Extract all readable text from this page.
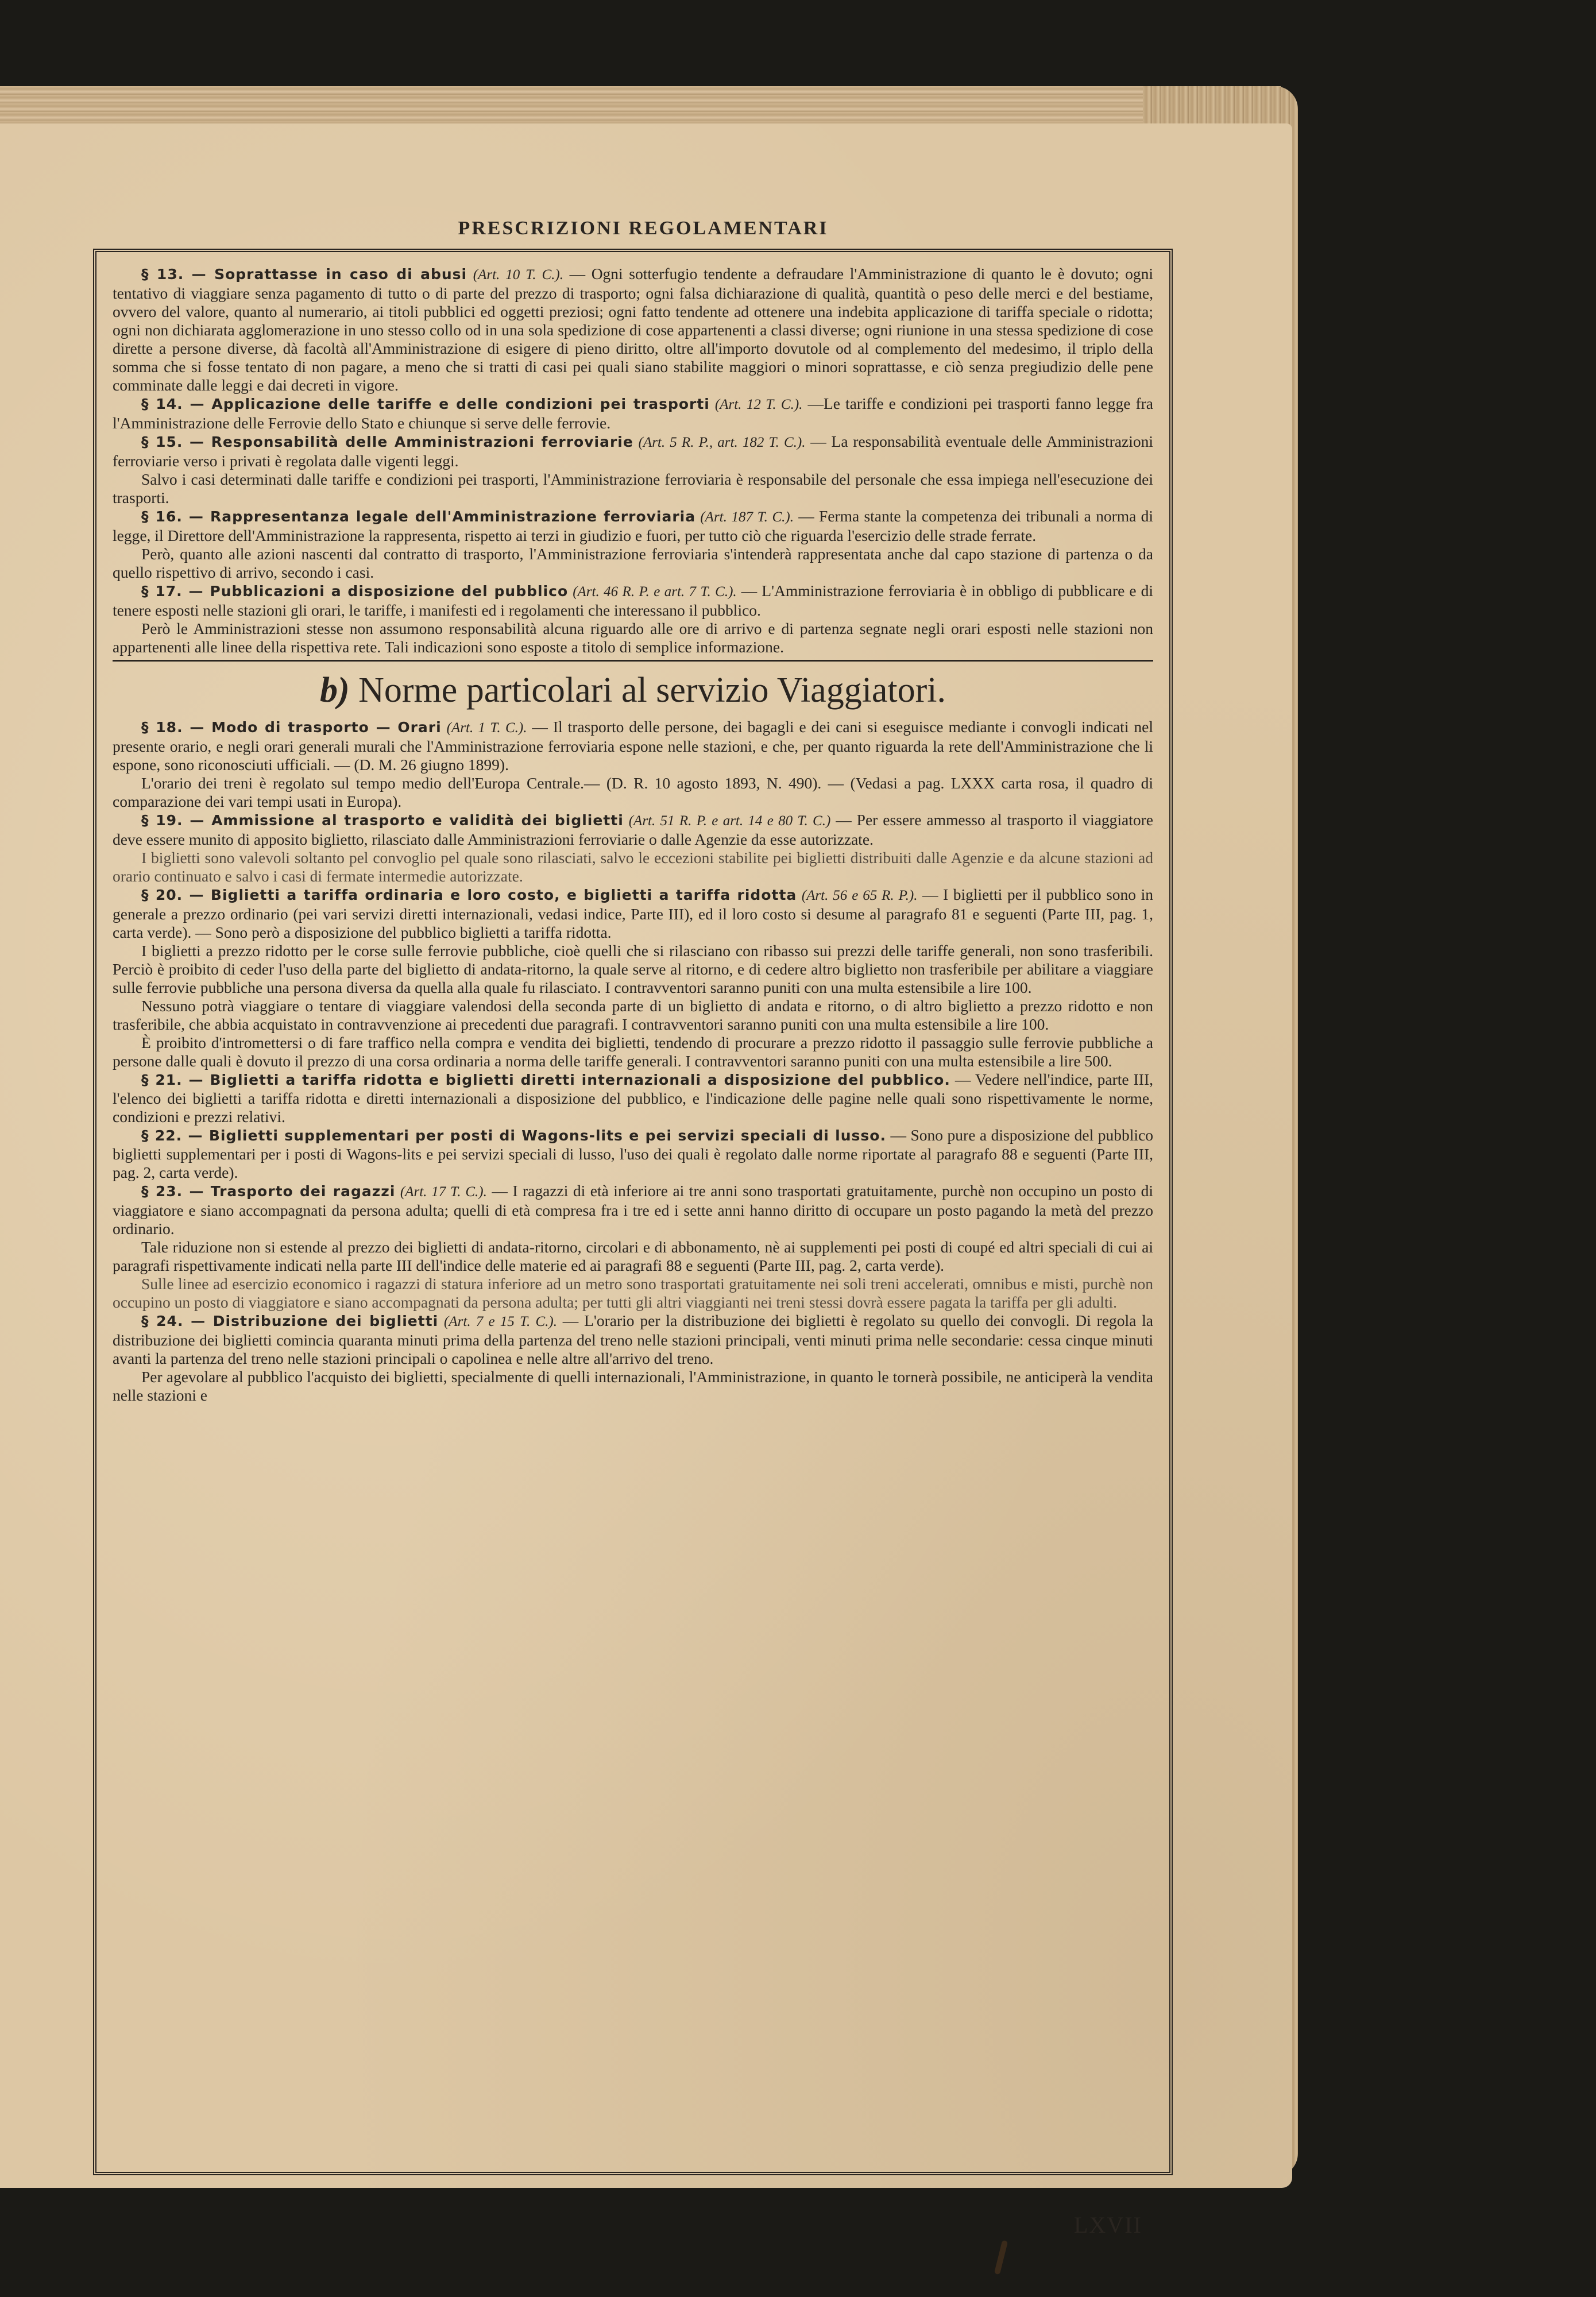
PRESCRIZIONI REGOLAMENTARI

§ 13. — Soprattasse in caso di abusi (Art. 10 T. C.). — Ogni sotterfugio tendente a defraudare l'Amministrazione di quanto le è dovuto; ogni tentativo di viaggiare senza pagamento di tutto o di parte del prezzo di trasporto; ogni falsa dichiarazione di qualità, quantità o peso delle merci e del bestiame, ovvero del valore, quanto al numerario, ai titoli pubblici ed oggetti preziosi; ogni fatto tendente ad ottenere una indebita applicazione di tariffa speciale o ridotta; ogni non dichiarata agglomerazione in uno stesso collo od in una sola spedizione di cose appartenenti a classi diverse; ogni riunione in una stessa spedizione di cose dirette a persone diverse, dà facoltà all'Amministrazione di esigere di pieno diritto, oltre all'importo dovutole od al complemento del medesimo, il triplo della somma che si fosse tentato di non pagare, a meno che si tratti di casi pei quali siano stabilite maggiori o minori soprattasse, e ciò senza pregiudizio delle pene comminate dalle leggi e dai decreti in vigore.

§ 14. — Applicazione delle tariffe e delle condizioni pei trasporti (Art. 12 T. C.). —Le tariffe e condizioni pei trasporti fanno legge fra l'Amministrazione delle Ferrovie dello Stato e chiunque si serve delle ferrovie.

§ 15. — Responsabilità delle Amministrazioni ferroviarie (Art. 5 R. P., art. 182 T. C.). — La responsabilità eventuale delle Amministrazioni ferroviarie verso i privati è regolata dalle vigenti leggi.

Salvo i casi determinati dalle tariffe e condizioni pei trasporti, l'Amministrazione ferroviaria è responsabile del personale che essa impiega nell'esecuzione dei trasporti.

§ 16. — Rappresentanza legale dell'Amministrazione ferroviaria (Art. 187 T. C.). — Ferma stante la competenza dei tribunali a norma di legge, il Direttore dell'Amministrazione la rappresenta, rispetto ai terzi in giudizio e fuori, per tutto ciò che riguarda l'esercizio delle strade ferrate.

Però, quanto alle azioni nascenti dal contratto di trasporto, l'Amministrazione ferroviaria s'intenderà rappresentata anche dal capo stazione di partenza o da quello rispettivo di arrivo, secondo i casi.

§ 17. — Pubblicazioni a disposizione del pubblico (Art. 46 R. P. e art. 7 T. C.). — L'Amministrazione ferroviaria è in obbligo di pubblicare e di tenere esposti nelle stazioni gli orari, le tariffe, i manifesti ed i regolamenti che interessano il pubblico.

Però le Amministrazioni stesse non assumono responsabilità alcuna riguardo alle ore di arrivo e di partenza segnate negli orari esposti nelle stazioni non appartenenti alle linee della rispettiva rete. Tali indicazioni sono esposte a titolo di semplice informazione.

b) Norme particolari al servizio Viaggiatori.

§ 18. — Modo di trasporto — Orari (Art. 1 T. C.). — Il trasporto delle persone, dei bagagli e dei cani si eseguisce mediante i convogli indicati nel presente orario, e negli orari generali murali che l'Amministrazione ferroviaria espone nelle stazioni, e che, per quanto riguarda la rete dell'Amministrazione che li espone, sono riconosciuti ufficiali. — (D. M. 26 giugno 1899).

L'orario dei treni è regolato sul tempo medio dell'Europa Centrale.— (D. R. 10 agosto 1893, N. 490). — (Vedasi a pag. LXXX carta rosa, il quadro di comparazione dei vari tempi usati in Europa).

§ 19. — Ammissione al trasporto e validità dei biglietti (Art. 51 R. P. e art. 14 e 80 T. C.) — Per essere ammesso al trasporto il viaggiatore deve essere munito di apposito biglietto, rilasciato dalle Amministrazioni ferroviarie o dalle Agenzie da esse autorizzate.

I biglietti sono valevoli soltanto pel convoglio pel quale sono rilasciati, salvo le eccezioni stabilite pei biglietti distribuiti dalle Agenzie e da alcune stazioni ad orario continuato e salvo i casi di fermate intermedie autorizzate.

§ 20. — Biglietti a tariffa ordinaria e loro costo, e biglietti a tariffa ridotta (Art. 56 e 65 R. P.). — I biglietti per il pubblico sono in generale a prezzo ordinario (pei vari servizi diretti internazionali, vedasi indice, Parte III), ed il loro costo si desume al paragrafo 81 e seguenti (Parte III, pag. 1, carta verde). — Sono però a disposizione del pubblico biglietti a tariffa ridotta.

I biglietti a prezzo ridotto per le corse sulle ferrovie pubbliche, cioè quelli che si rilasciano con ribasso sui prezzi delle tariffe generali, non sono trasferibili. Perciò è proibito di ceder l'uso della parte del biglietto di andata-ritorno, la quale serve al ritorno, e di cedere altro biglietto non trasferibile per abilitare a viaggiare sulle ferrovie pubbliche una persona diversa da quella alla quale fu rilasciato. I contravventori saranno puniti con una multa estensibile a lire 100.

Nessuno potrà viaggiare o tentare di viaggiare valendosi della seconda parte di un biglietto di andata e ritorno, o di altro biglietto a prezzo ridotto e non trasferibile, che abbia acquistato in contravvenzione ai precedenti due paragrafi. I contravventori saranno puniti con una multa estensibile a lire 100.

È proibito d'intromettersi o di fare traffico nella compra e vendita dei biglietti, tendendo di procurare a prezzo ridotto il passaggio sulle ferrovie pubbliche a persone dalle quali è dovuto il prezzo di una corsa ordinaria a norma delle tariffe generali. I contravventori saranno puniti con una multa estensibile a lire 500.

§ 21. — Biglietti a tariffa ridotta e biglietti diretti internazionali a disposizione del pubblico. — Vedere nell'indice, parte III, l'elenco dei biglietti a tariffa ridotta e diretti internazionali a disposizione del pubblico, e l'indicazione delle pagine nelle quali sono rispettivamente le norme, condizioni e prezzi relativi.

§ 22. — Biglietti supplementari per posti di Wagons-lits e pei servizi speciali di lusso. — Sono pure a disposizione del pubblico biglietti supplementari per i posti di Wagons-lits e pei servizi speciali di lusso, l'uso dei quali è regolato dalle norme riportate al paragrafo 88 e seguenti (Parte III, pag. 2, carta verde).

§ 23. — Trasporto dei ragazzi (Art. 17 T. C.). — I ragazzi di età inferiore ai tre anni sono trasportati gratuitamente, purchè non occupino un posto di viaggiatore e siano accompagnati da persona adulta; quelli di età compresa fra i tre ed i sette anni hanno diritto di occupare un posto pagando la metà del prezzo ordinario.

Tale riduzione non si estende al prezzo dei biglietti di andata-ritorno, circolari e di abbonamento, nè ai supplementi pei posti di coupé ed altri speciali di cui ai paragrafi rispettivamente indicati nella parte III dell'indice delle materie ed ai paragrafi 88 e seguenti (Parte III, pag. 2, carta verde).

Sulle linee ad esercizio economico i ragazzi di statura inferiore ad un metro sono trasportati gratuitamente nei soli treni accelerati, omnibus e misti, purchè non occupino un posto di viaggiatore e siano accompagnati da persona adulta; per tutti gli altri viaggianti nei treni stessi dovrà essere pagata la tariffa per gli adulti.

§ 24. — Distribuzione dei biglietti (Art. 7 e 15 T. C.). — L'orario per la distribuzione dei biglietti è regolato su quello dei convogli. Di regola la distribuzione dei biglietti comincia quaranta minuti prima della partenza del treno nelle stazioni principali, venti minuti prima nelle secondarie: cessa cinque minuti avanti la partenza del treno nelle stazioni principali o capolinea e nelle altre all'arrivo del treno.

Per agevolare al pubblico l'acquisto dei biglietti, specialmente di quelli internazionali, l'Amministrazione, in quanto le tornerà possibile, ne anticiperà la vendita nelle stazioni e

LXVII
